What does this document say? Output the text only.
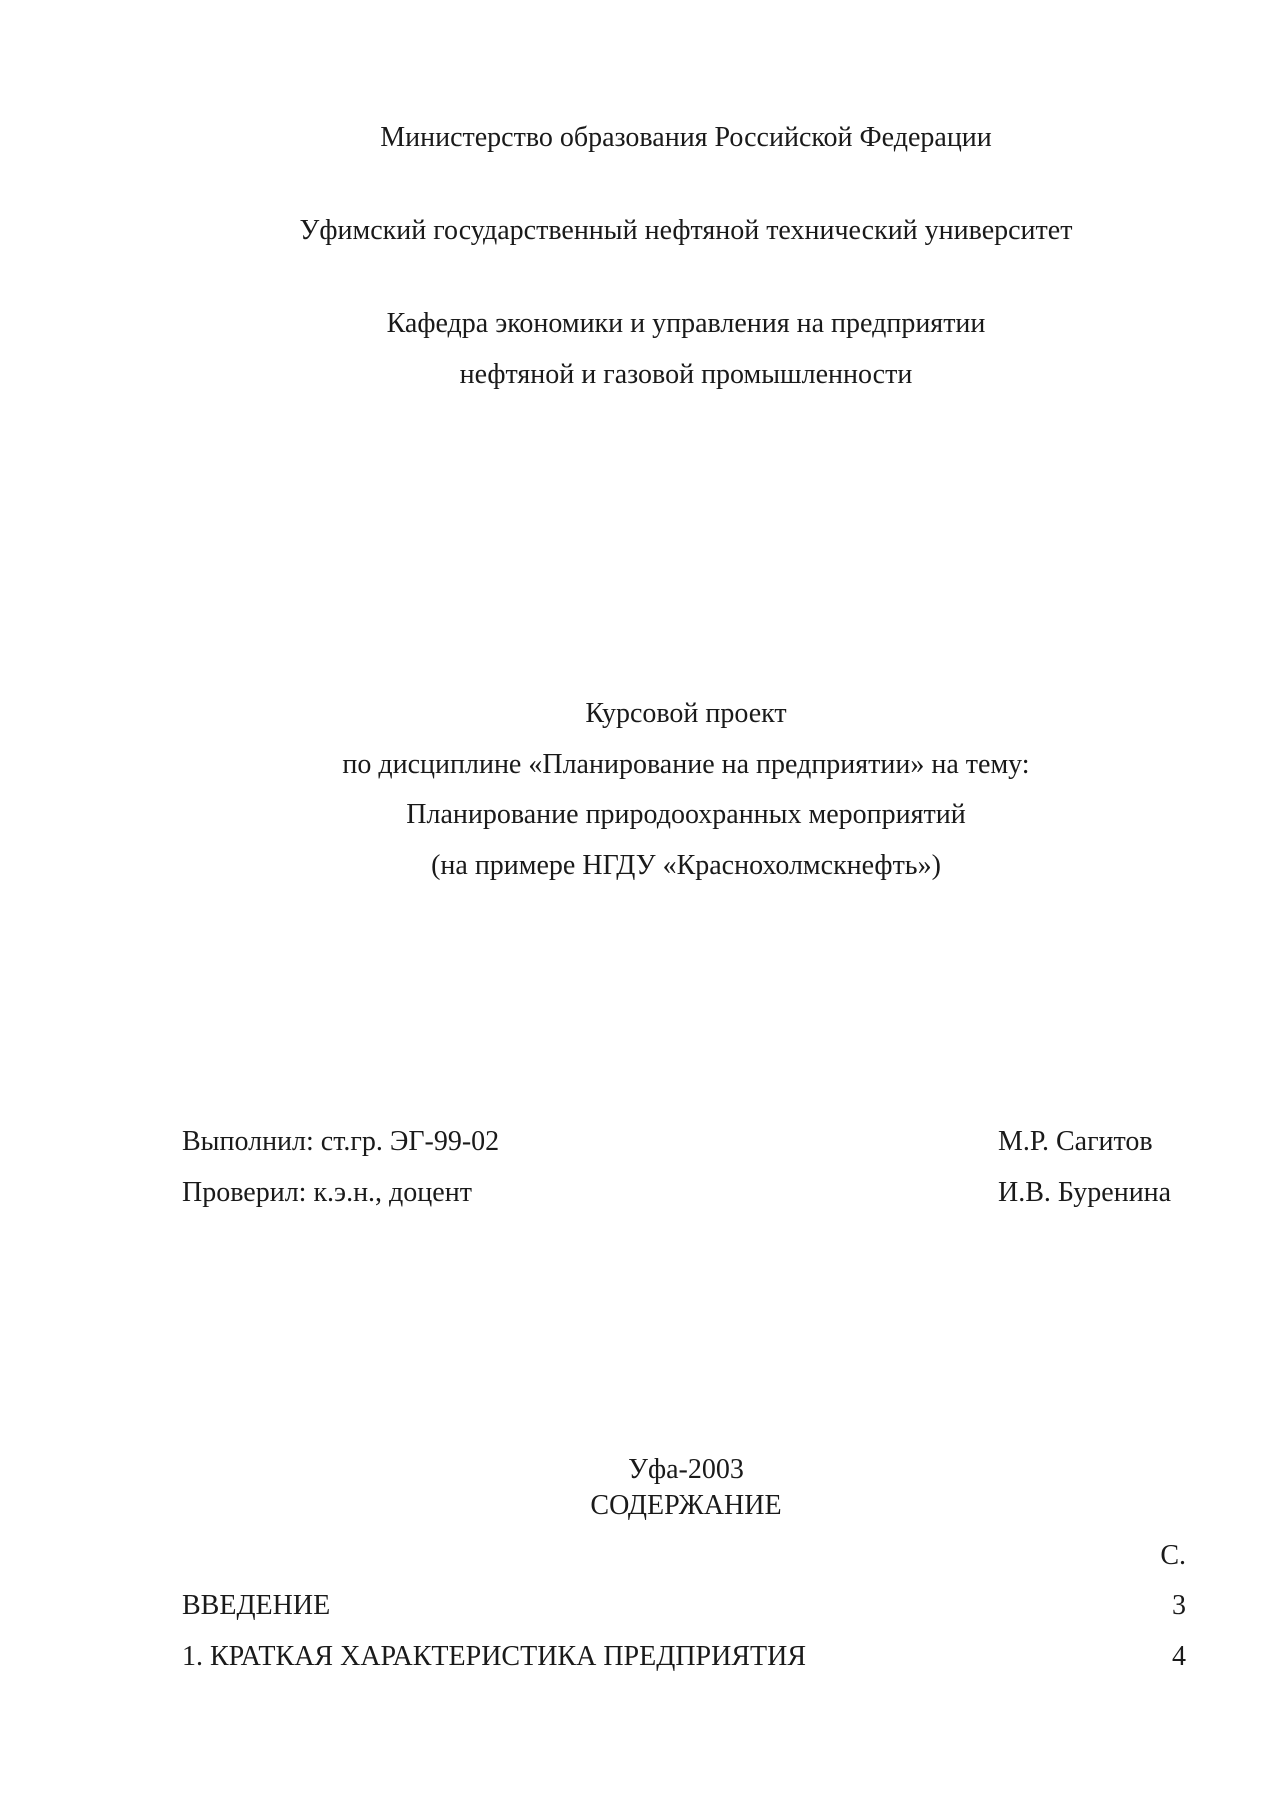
Министерство образования Российской Федерации
Уфимский государственный нефтяной технический университет
Кафедра экономики и управления на предприятии
нефтяной и газовой промышленности
Курсовой проект
по дисциплине «Планирование на предприятии» на тему:
Планирование природоохранных мероприятий
(на примере НГДУ «Краснохолмскнефть»)
Выполнил: ст.гр. ЭГ-99-02	М.Р. Сагитов
Проверил: к.э.н., доцент	И.В. Буренина
Уфа-2003
СОДЕРЖАНИЕ
С.
ВВЕДЕНИЕ	3
1. КРАТКАЯ ХАРАКТЕРИСТИКА ПРЕДПРИЯТИЯ	4
